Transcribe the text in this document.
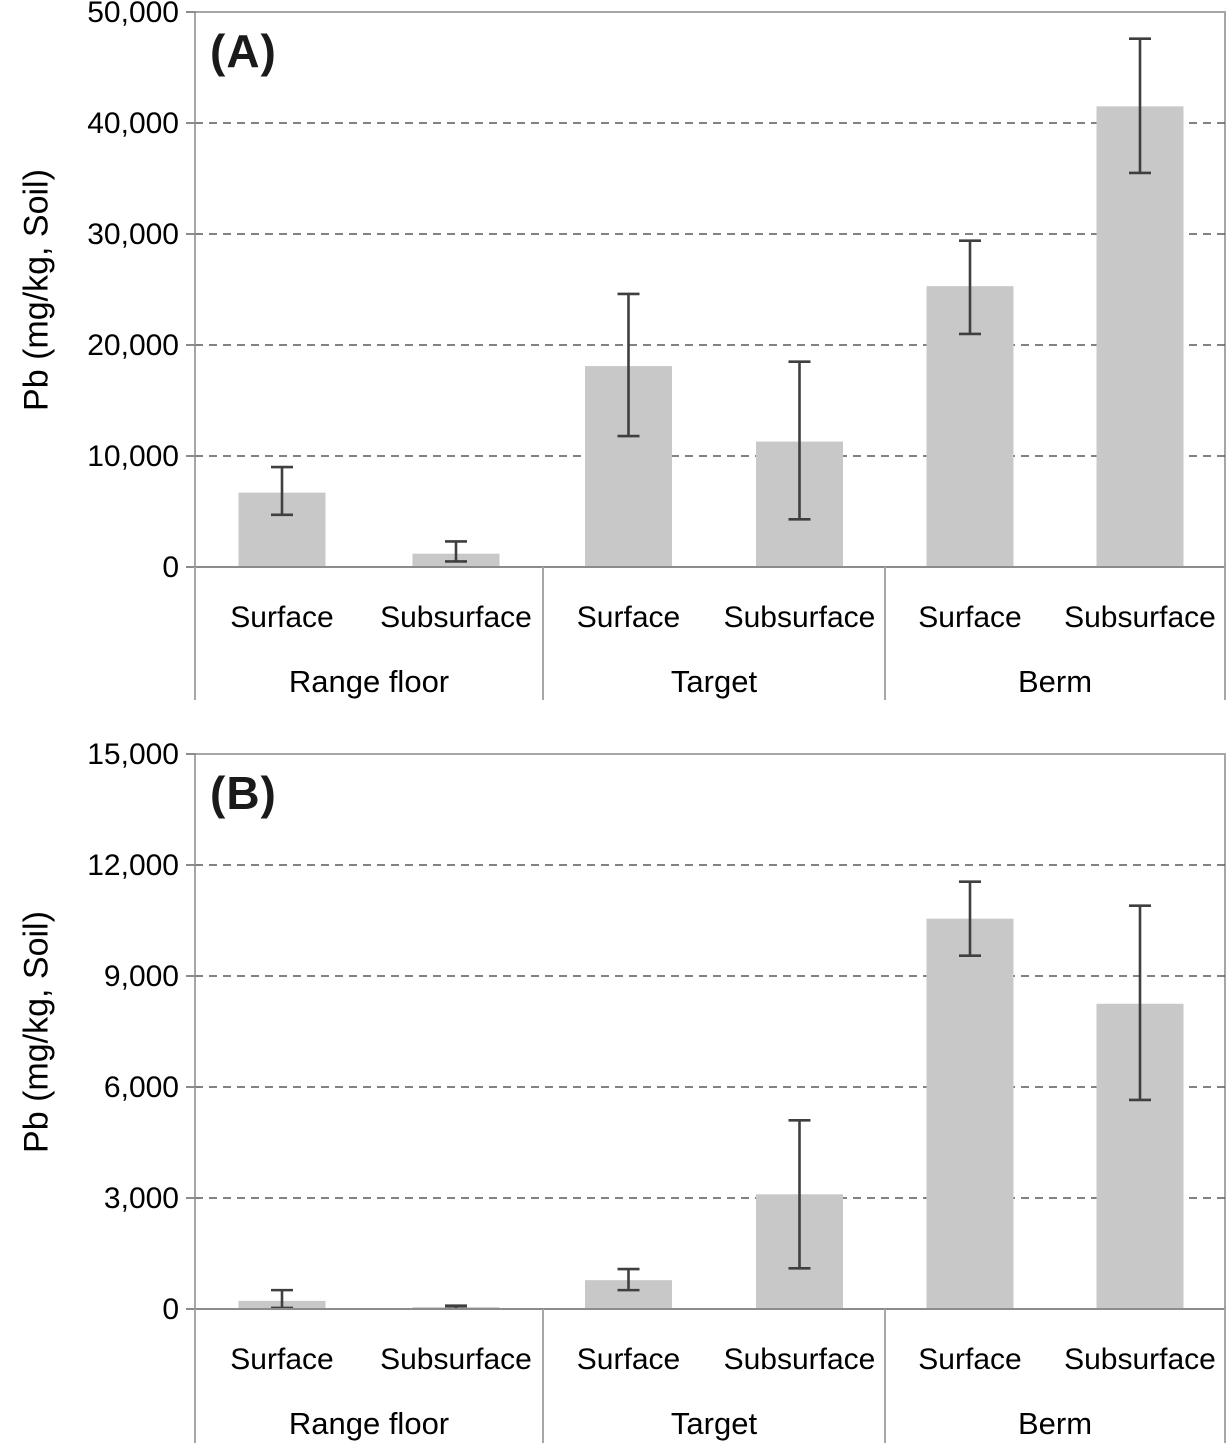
0
10,000
20,000
30,000
40,000
50,000
Surface Subsurface Surface Subsurface Surface Subsurface
Range floor	Target	Berm
0
3,000
6,000
9,000
12,000
15,000
Surface Subsurface Surface Subsurface Surface Subsurface
Range floor	Target	Berm
(A)
(B)
Pb (mg/kg, Soil)
Pb (mg/kg, Soil)
